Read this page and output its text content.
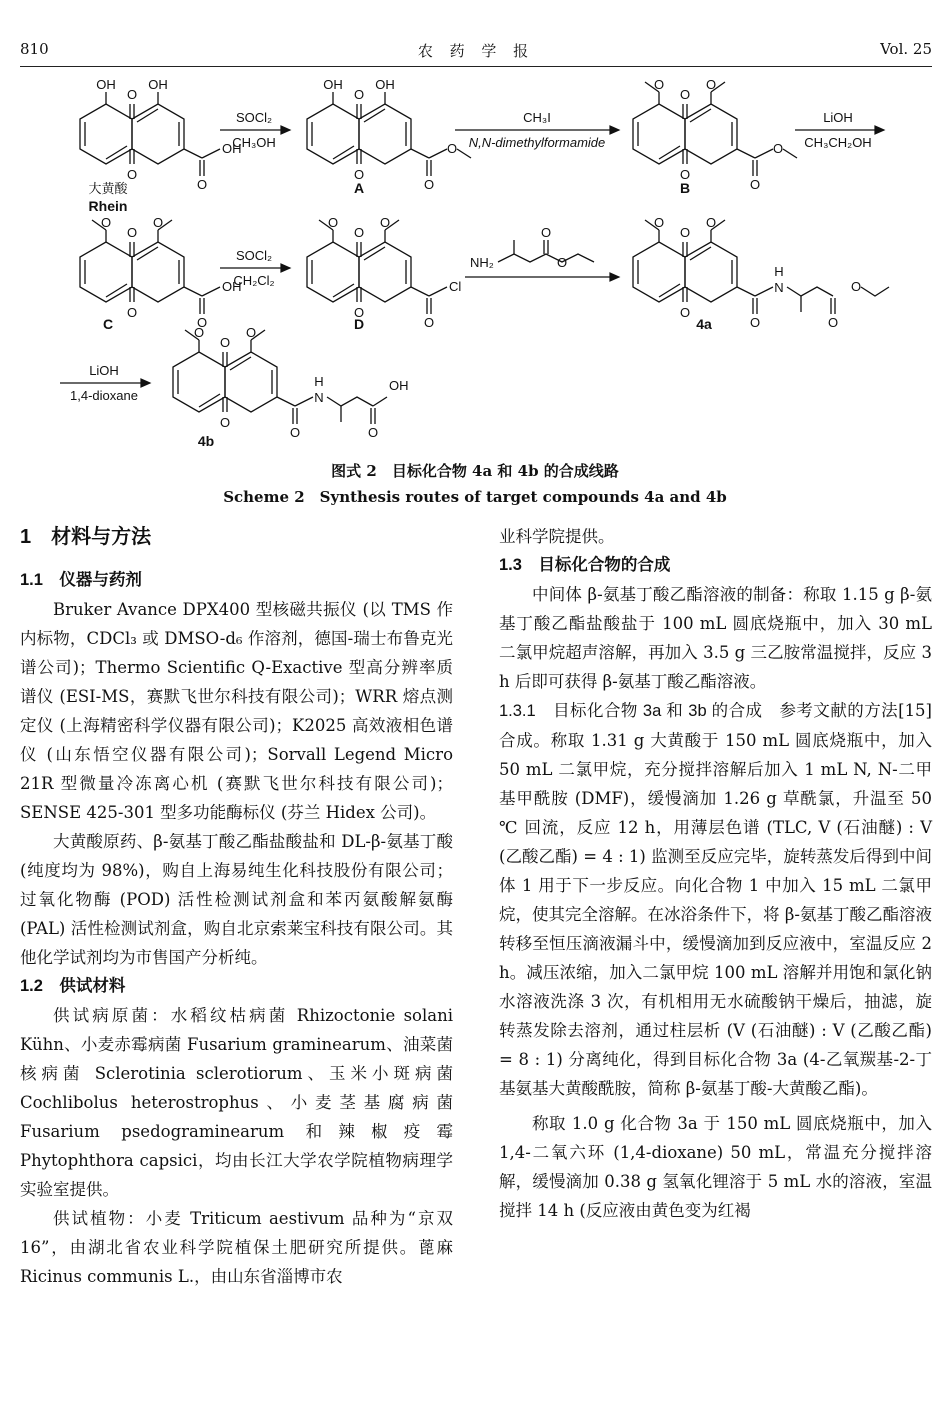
810	农 药 学 报	Vol. 25
OH	OH
O
O
O
OH
大黄酸
Rhein
SOCl₂
CH₃OH
OH	OH
O
O
O
O
A
CH₃I
N,N-dimethylformamide
O	O
O
O
O
O
B
LiOH
CH₃CH₂OH
O	O
O
O
O
OH
C
SOCl₂
CH₂Cl₂
O	O
O
O
O
Cl
D
NH₂
O
O
O	O
O
O
O
H
N
O
O
4a
LiOH
1,4-dioxane
O	O
O
O
O
H
N
O
OH
4b
图式 2　目标化合物 4a 和 4b 的合成线路
Scheme 2　Synthesis routes of target compounds 4a and 4b
1　材料与方法

1.1　仪器与药剂

Bruker Avance DPX400 型核磁共振仪 (以 TMS 作内标物，CDCl₃ 或 DMSO-d₆ 作溶剂，德国-瑞士布鲁克光谱公司)；Thermo Scientific Q-Exactive 型高分辨率质谱仪 (ESI-MS，赛默飞世尔科技有限公司)；WRR 熔点测定仪 (上海精密科学仪器有限公司)；K2025 高效液相色谱仪 (山东悟空仪器有限公司)；Sorvall Legend Micro 21R 型微量冷冻离心机 (赛默飞世尔科技有限公司)；SENSE 425-301 型多功能酶标仪 (芬兰 Hidex 公司)。

大黄酸原药、β-氨基丁酸乙酯盐酸盐和 DL-β-氨基丁酸 (纯度均为 98%)，购自上海易纯生化科技股份有限公司；过氧化物酶 (POD) 活性检测试剂盒和苯丙氨酸解氨酶 (PAL) 活性检测试剂盒，购自北京索莱宝科技有限公司。其他化学试剂均为市售国产分析纯。

1.2　供试材料

供试病原菌：水稻纹枯病菌 Rhizoctonie solani Kühn、小麦赤霉病菌 Fusarium graminearum、油菜菌核病菌 Sclerotinia sclerotiorum、玉米小斑病菌 Cochlibolus heterostrophus、小麦茎基腐病菌 Fusarium psedograminearum 和辣椒疫霉 Phytophthora capsici，均由长江大学农学院植物病理学实验室提供。

供试植物：小麦 Triticum aestivum 品种为“京双 16”，由湖北省农业科学院植保土肥研究所提供。蓖麻 Ricinus communis L.，由山东省淄博市农

业科学院提供。

1.3　目标化合物的合成

中间体 β-氨基丁酸乙酯溶液的制备：称取 1.15 g β-氨基丁酸乙酯盐酸盐于 100 mL 圆底烧瓶中，加入 30 mL 二氯甲烷超声溶解，再加入 3.5 g 三乙胺常温搅拌，反应 3 h 后即可获得 β-氨基丁酸乙酯溶液。

1.3.1　目标化合物 3a 和 3b 的合成　 参考文献的方法[15] 合成。称取 1.31 g 大黄酸于 150 mL 圆底烧瓶中，加入 50 mL 二氯甲烷，充分搅拌溶解后加入 1 mL N, N-二甲基甲酰胺 (DMF)，缓慢滴加 1.26 g 草酰氯，升温至 50 ℃ 回流，反应 12 h，用薄层色谱 (TLC, V (石油醚) : V (乙酸乙酯) = 4 : 1) 监测至反应完毕，旋转蒸发后得到中间体 1 用于下一步反应。向化合物 1 中加入 15 mL 二氯甲烷，使其完全溶解。在冰浴条件下，将 β-氨基丁酸乙酯溶液转移至恒压滴液漏斗中，缓慢滴加到反应液中，室温反应 2 h。减压浓缩，加入二氯甲烷 100 mL 溶解并用饱和氯化钠水溶液洗涤 3 次，有机相用无水硫酸钠干燥后，抽滤，旋转蒸发除去溶剂，通过柱层析 (V (石油醚) : V (乙酸乙酯) = 8 : 1) 分离纯化，得到目标化合物 3a (4-乙氧羰基-2-丁基氨基大黄酸酰胺，简称 β-氨基丁酸-大黄酸乙酯)。

称取 1.0 g 化合物 3a 于 150 mL 圆底烧瓶中，加入 1,4-二氧六环 (1,4-dioxane) 50 mL，常温充分搅拌溶解，缓慢滴加 0.38 g 氢氧化锂溶于 5 mL 水的溶液，室温搅拌 14 h (反应液由黄色变为红褐
